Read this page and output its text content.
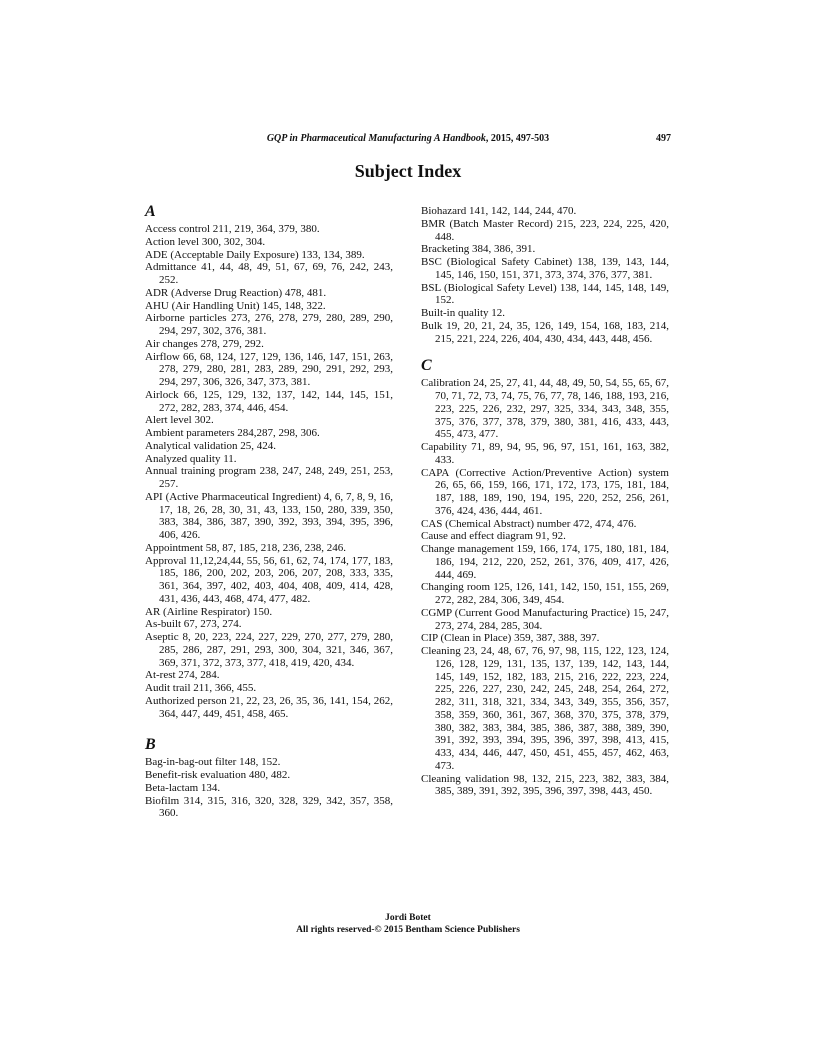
GQP in Pharmaceutical Manufacturing A Handbook, 2015, 497-503	497
Subject Index
A

Access control 211, 219, 364, 379, 380.

Action level 300, 302, 304.

ADE (Acceptable Daily Exposure) 133, 134, 389.

Admittance 41, 44, 48, 49, 51, 67, 69, 76, 242, 243, 252.

ADR (Adverse Drug Reaction) 478, 481.

AHU (Air Handling Unit) 145, 148, 322.

Airborne particles 273, 276, 278, 279, 280, 289, 290, 294, 297, 302, 376, 381.

Air changes 278, 279, 292.

Airflow 66, 68, 124, 127, 129, 136, 146, 147, 151, 263, 278, 279, 280, 281, 283, 289, 290, 291, 292, 293, 294, 297, 306, 326, 347, 373, 381.

Airlock 66, 125, 129, 132, 137, 142, 144, 145, 151, 272, 282, 283, 374, 446, 454.

Alert level 302.

Ambient parameters 284,287, 298, 306.

Analytical validation 25, 424.

Analyzed quality 11.

Annual training program 238, 247, 248, 249, 251, 253, 257.

API (Active Pharmaceutical Ingredient) 4, 6, 7, 8, 9, 16, 17, 18, 26, 28, 30, 31, 43, 133, 150, 280, 339, 350, 383, 384, 386, 387, 390, 392, 393, 394, 395, 396, 406, 426.

Appointment 58, 87, 185, 218, 236, 238, 246.

Approval 11,12,24,44, 55, 56, 61, 62, 74, 174, 177, 183, 185, 186, 200, 202, 203, 206, 207, 208, 333, 335, 361, 364, 397, 402, 403, 404, 408, 409, 414, 428, 431, 436, 443, 468, 474, 477, 482.

AR (Airline Respirator) 150.

As-built 67, 273, 274.

Aseptic 8, 20, 223, 224, 227, 229, 270, 277, 279, 280, 285, 286, 287, 291, 293, 300, 304, 321, 346, 367, 369, 371, 372, 373, 377, 418, 419, 420, 434.

At-rest 274, 284.

Audit trail 211, 366, 455.

Authorized person 21, 22, 23, 26, 35, 36, 141, 154, 262, 364, 447, 449, 451, 458, 465.

B

Bag-in-bag-out filter 148, 152.

Benefit-risk evaluation 480, 482.

Beta-lactam 134.

Biofilm 314, 315, 316, 320, 328, 329, 342, 357, 358, 360.

Biohazard 141, 142, 144, 244, 470.

BMR (Batch Master Record) 215, 223, 224, 225, 420, 448.

Bracketing 384, 386, 391.

BSC (Biological Safety Cabinet) 138, 139, 143, 144, 145, 146, 150, 151, 371, 373, 374, 376, 377, 381.

BSL (Biological Safety Level) 138, 144, 145, 148, 149, 152.

Built-in quality 12.

Bulk 19, 20, 21, 24, 35, 126, 149, 154, 168, 183, 214, 215, 221, 224, 226, 404, 430, 434, 443, 448, 456.

C

Calibration 24, 25, 27, 41, 44, 48, 49, 50, 54, 55, 65, 67, 70, 71, 72, 73, 74, 75, 76, 77, 78, 146, 188, 193, 216, 223, 225, 226, 232, 297, 325, 334, 343, 348, 355, 375, 376, 377, 378, 379, 380, 381, 416, 433, 443, 455, 473, 477.

Capability 71, 89, 94, 95, 96, 97, 151, 161, 163, 382, 433.

CAPA (Corrective Action/Preventive Action) system 26, 65, 66, 159, 166, 171, 172, 173, 175, 181, 184, 187, 188, 189, 190, 194, 195, 220, 252, 256, 261, 376, 424, 436, 444, 461.

CAS (Chemical Abstract) number 472, 474, 476.

Cause and effect diagram 91, 92.

Change management 159, 166, 174, 175, 180, 181, 184, 186, 194, 212, 220, 252, 261, 376, 409, 417, 426, 444, 469.

Changing room 125, 126, 141, 142, 150, 151, 155, 269, 272, 282, 284, 306, 349, 454.

CGMP (Current Good Manufacturing Practice) 15, 247, 273, 274, 284, 285, 304.

CIP (Clean in Place) 359, 387, 388, 397.

Cleaning 23, 24, 48, 67, 76, 97, 98, 115, 122, 123, 124, 126, 128, 129, 131, 135, 137, 139, 142, 143, 144, 145, 149, 152, 182, 183, 215, 216, 222, 223, 224, 225, 226, 227, 230, 242, 245, 248, 254, 264, 272, 282, 311, 318, 321, 334, 343, 349, 355, 356, 357, 358, 359, 360, 361, 367, 368, 370, 375, 378, 379, 380, 382, 383, 384, 385, 386, 387, 388, 389, 390, 391, 392, 393, 394, 395, 396, 397, 398, 413, 415, 433, 434, 446, 447, 450, 451, 455, 457, 462, 463, 473.

Cleaning validation 98, 132, 215, 223, 382, 383, 384, 385, 389, 391, 392, 395, 396, 397, 398, 443, 450.

Jordi Botet
All rights reserved-© 2015 Bentham Science Publishers
